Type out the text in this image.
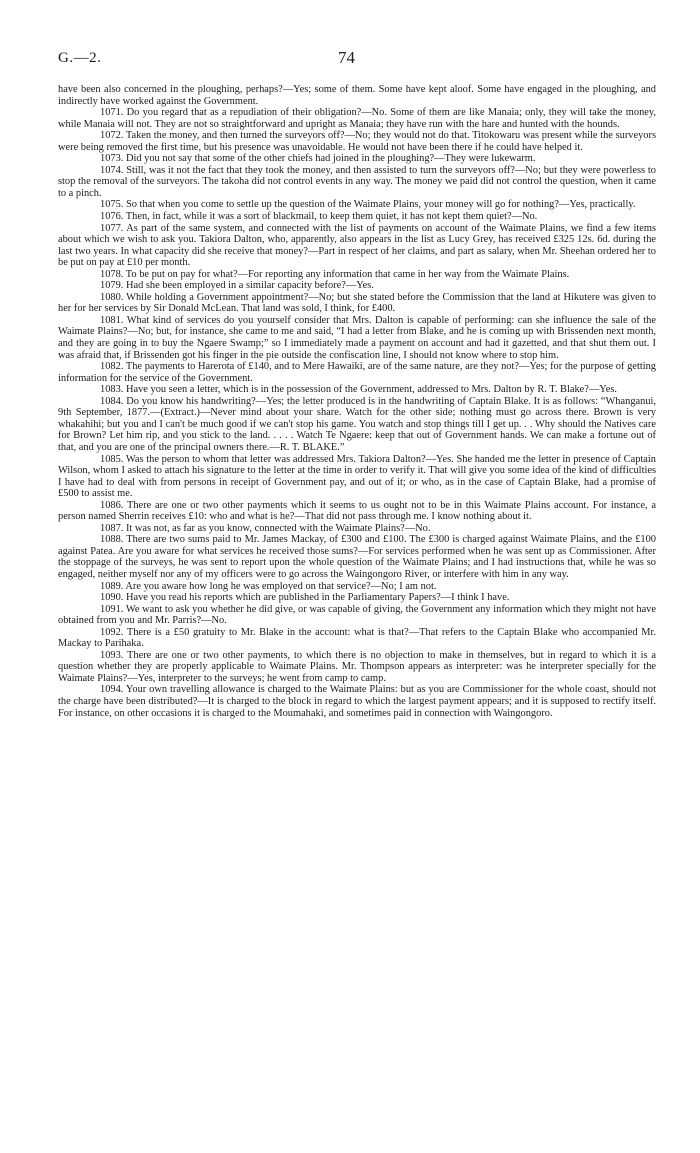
G.—2.	74

have been also concerned in the ploughing, perhaps?—Yes; some of them. Some have kept aloof. Some have engaged in the ploughing, and indirectly have worked against the Government.

1071. Do you regard that as a repudiation of their obligation?—No. Some of them are like Manaia; only, they will take the money, while Manaia will not. They are not so straightforward and upright as Manaia; they have run with the hare and hunted with the hounds.

1072. Taken the money, and then turned the surveyors off?—No; they would not do that. Titokowaru was present while the surveyors were being removed the first time, but his presence was unavoidable. He would not have been there if he could have helped it.

1073. Did you not say that some of the other chiefs had joined in the ploughing?—They were lukewarm.

1074. Still, was it not the fact that they took the money, and then assisted to turn the surveyors off?—No; but they were powerless to stop the removal of the surveyors. The takoha did not control events in any way. The money we paid did not control the question, when it came to a pinch.

1075. So that when you come to settle up the question of the Waimate Plains, your money will go for nothing?—Yes, practically.

1076. Then, in fact, while it was a sort of blackmail, to keep them quiet, it has not kept them quiet?—No.

1077. As part of the same system, and connected with the list of payments on account of the Waimate Plains, we find a few items about which we wish to ask you. Takiora Dalton, who, apparently, also appears in the list as Lucy Grey, has received £325 12s. 6d. during the last two years. In what capacity did she receive that money?—Part in respect of her claims, and part as salary, when Mr. Sheehan ordered her to be put on pay at £10 per month.

1078. To be put on pay for what?—For reporting any information that came in her way from the Waimate Plains.

1079. Had she been employed in a similar capacity before?—Yes.

1080. While holding a Government appointment?—No; but she stated before the Commission that the land at Hikutere was given to her for her services by Sir Donald McLean. That land was sold, I think, for £400.

1081. What kind of services do you yourself consider that Mrs. Dalton is capable of performing: can she influence the sale of the Waimate Plains?—No; but, for instance, she came to me and said, “I had a letter from Blake, and he is coming up with Brissenden next month, and they are going in to buy the Ngaere Swamp;” so I immediately made a payment on account and had it gazetted, and that shut them out. I was afraid that, if Brissenden got his finger in the pie outside the confiscation line, I should not know where to stop him.

1082. The payments to Harerota of £140, and to Mere Hawaiki, are of the same nature, are they not?—Yes; for the purpose of getting information for the service of the Government.

1083. Have you seen a letter, which is in the possession of the Government, addressed to Mrs. Dalton by R. T. Blake?—Yes.

1084. Do you know his handwriting?—Yes; the letter produced is in the handwriting of Captain Blake. It is as follows: “Whanganui, 9th September, 1877.—(Extract.)—Never mind about your share. Watch for the other side; nothing must go across there. Brown is very whakahihi; but you and I can't be much good if we can't stop his game. You watch and stop things till I get up. . . Why should the Natives care for Brown? Let him rip, and you stick to the land. . . . . Watch Te Ngaere: keep that out of Government hands. We can make a fortune out of that, and you are one of the principal owners there.—R. T. BLAKE.”

1085. Was the person to whom that letter was addressed Mrs. Takiora Dalton?—Yes. She handed me the letter in presence of Captain Wilson, whom I asked to attach his signature to the letter at the time in order to verify it. That will give you some idea of the kind of difficulties I have had to deal with from persons in receipt of Government pay, and out of it; or who, as in the case of Captain Blake, had a promise of £500 to assist me.

1086. There are one or two other payments which it seems to us ought not to be in this Waimate Plains account. For instance, a person named Sherrin receives £10: who and what is he?—That did not pass through me. I know nothing about it.

1087. It was not, as far as you know, connected with the Waimate Plains?—No.

1088. There are two sums paid to Mr. James Mackay, of £300 and £100. The £300 is charged against Waimate Plains, and the £100 against Patea. Are you aware for what services he received those sums?—For services performed when he was sent up as Commissioner. After the stoppage of the surveys, he was sent to report upon the whole question of the Waimate Plains; and I had instructions that, while he was so engaged, neither myself nor any of my officers were to go across the Waingongoro River, or interfere with him in any way.

1089. Are you aware how long he was employed on that service?—No; I am not.

1090. Have you read his reports which are published in the Parliamentary Papers?—I think I have.

1091. We want to ask you whether he did give, or was capable of giving, the Government any information which they might not have obtained from you and Mr. Parris?—No.

1092. There is a £50 gratuity to Mr. Blake in the account: what is that?—That refers to the Captain Blake who accompanied Mr. Mackay to Parihaka.

1093. There are one or two other payments, to which there is no objection to make in themselves, but in regard to which it is a question whether they are properly applicable to Waimate Plains. Mr. Thompson appears as interpreter: was he interpreter specially for the Waimate Plains?—Yes, interpreter to the surveys; he went from camp to camp.

1094. Your own travelling allowance is charged to the Waimate Plains: but as you are Commissioner for the whole coast, should not the charge have been distributed?—It is charged to the block in regard to which the largest payment appears; and it is supposed to rectify itself. For instance, on other occasions it is charged to the Moumahaki, and sometimes paid in connection with Waingongoro.
